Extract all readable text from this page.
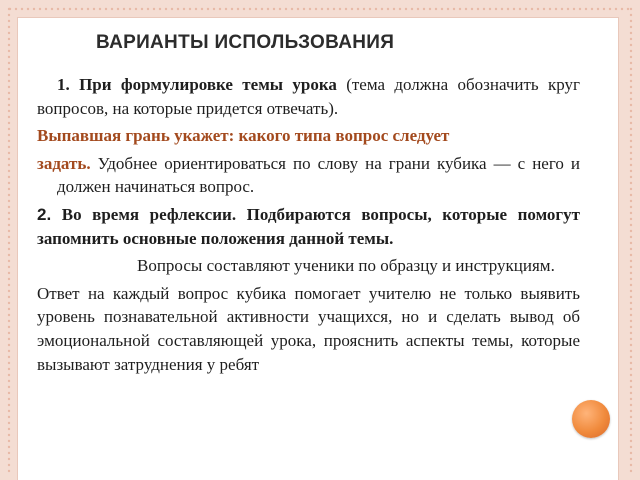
ВАРИАНТЫ ИСПОЛЬЗОВАНИЯ

1. При формулировке темы урока (тема должна обозначить круг вопросов, на которые придется отвечать).

Выпавшая грань укажет: какого типа вопрос следует

задать. Удобнее ориентироваться по слову на грани кубика — с него и должен начинаться вопрос.

2. Во время рефлексии. Подбираются вопросы, которые помогут запомнить основные положения данной темы.

Вопросы составляют ученики по образцу и инструкциям.

Ответ на каждый вопрос кубика помогает учителю не только выявить уровень познавательной активности учащихся, но и сделать вывод об эмоциональной составляющей урока, прояснить аспекты темы, которые вызывают затруднения у ребят
